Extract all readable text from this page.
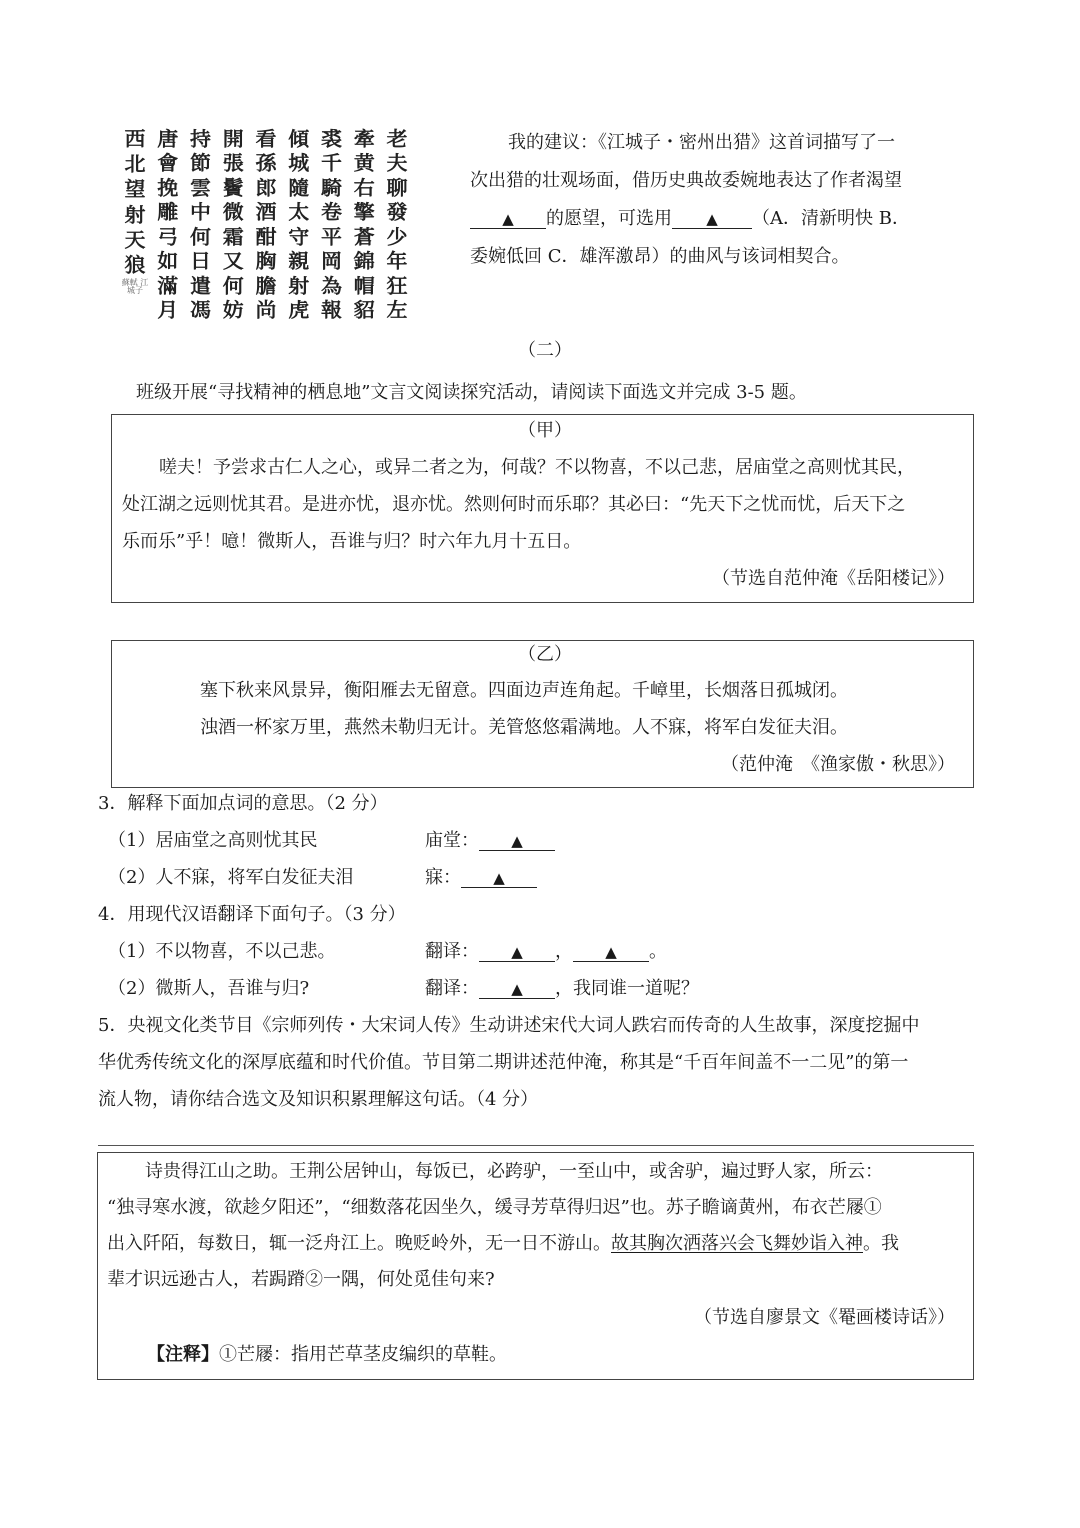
老
夫
聊
發
少
年
狂
左
牽
黄
右
擎
蒼
錦
帽
貂
裘
千
騎
卷
平
岡
為
報
傾
城
隨
太
守
親
射
虎
看
孫
郎
酒
酣
胸
膽
尚
開
張
鬢
微
霜
又
何
妨
持
節
雲
中
何
日
遣
馮
唐
會
挽
雕
弓
如
滿
月
西
北
望
射
天
狼
蘇軾 江城子
我的建议：《江城子・密州出猎》这首词描写了一
次出猎的壮观场面，借历史典故委婉地表达了作者渴望
▲ 的愿望，可选用 ▲ （A．清新明快 B．
委婉低回 C．雄浑激昂）的曲风与该词相契合。
（二）
班级开展“寻找精神的栖息地”文言文阅读探究活动，请阅读下面选文并完成 3-5 题。
（甲）
嗟夫！予尝求古仁人之心，或异二者之为，何哉？不以物喜，不以己悲，居庙堂之高则忧其民，
处江湖之远则忧其君。是进亦忧，退亦忧。然则何时而乐耶？其必曰：“先天下之忧而忧，后天下之
乐而乐”乎！噫！微斯人，吾谁与归？时六年九月十五日。
（节选自范仲淹《岳阳楼记》）
（乙）
塞下秋来风景异，衡阳雁去无留意。四面边声连角起。千嶂里，长烟落日孤城闭。
浊酒一杯家万里，燕然未勒归无计。羌管悠悠霜满地。人不寐，将军白发征夫泪。
（范仲淹　《渔家傲・秋思》）
3．解释下面加点词的意思。（2 分）
（1）居庙堂之高则忧其民	庙堂： ▲
（2）人不寐，将军白发征夫泪	寐： ▲
4．用现代汉语翻译下面句子。（3 分）
（1）不以物喜，不以己悲。	翻译： ▲ ， ▲ 。
（2）微斯人，吾谁与归?	翻译： ▲ ，我同谁一道呢？
5．央视文化类节目《宗师列传・大宋词人传》生动讲述宋代大词人跌宕而传奇的人生故事，深度挖掘中
华优秀传统文化的深厚底蕴和时代价值。节目第二期讲述范仲淹，称其是“千百年间盖不一二见”的第一
流人物，请你结合选文及知识积累理解这句话。（4 分）
诗贵得江山之助。王荆公居钟山，每饭已，必跨驴，一至山中，或舍驴，遍过野人家，所云：
“独寻寒水渡，欲趁夕阳还”，“细数落花因坐久，缓寻芳草得归迟”也。苏子瞻谪黄州，布衣芒屦①
出入阡陌，每数日，辄一泛舟江上。晚贬岭外，无一日不游山。故其胸次洒落兴会飞舞妙诣入神。我
辈才识远逊古人，若跼蹐②一隅，何处觅佳句来?
（节选自廖景文《罨画楼诗话》）
【注释】①芒屦：指用芒草茎皮编织的草鞋。
